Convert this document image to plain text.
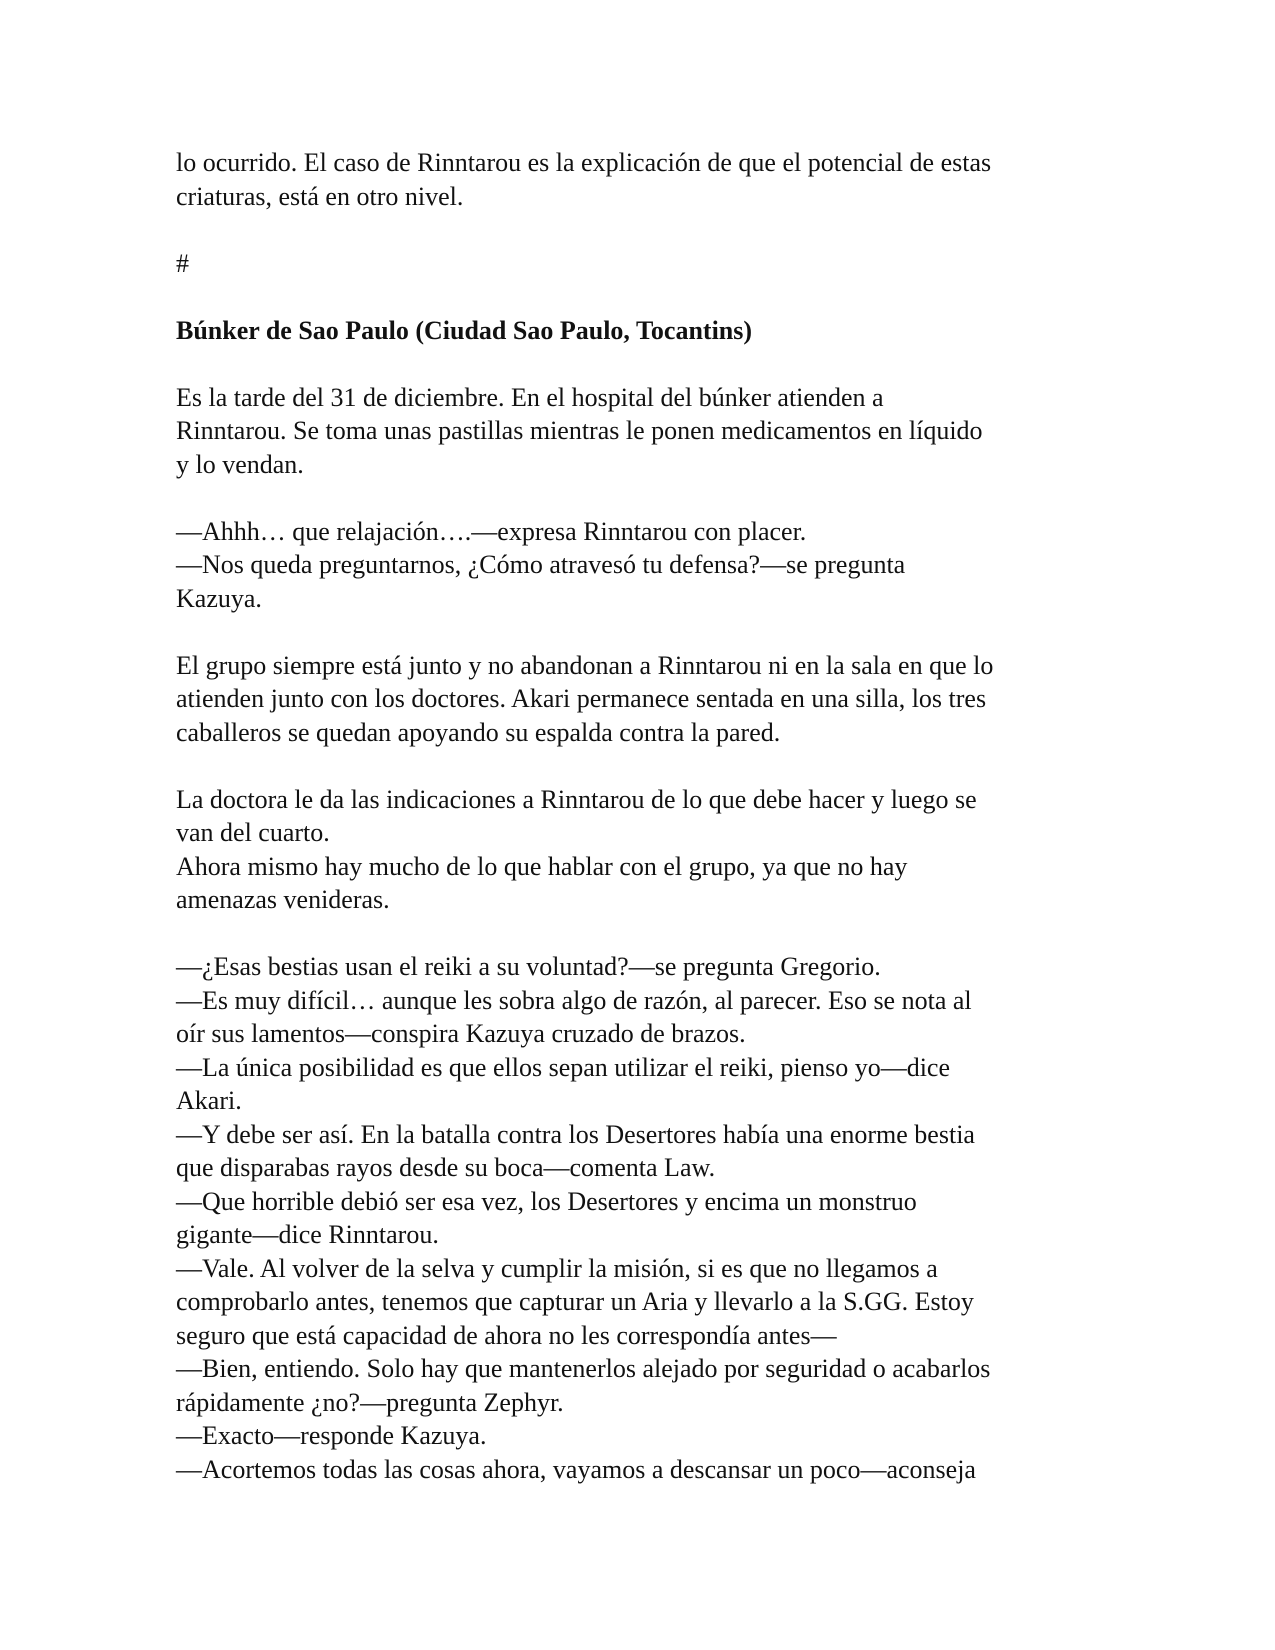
lo ocurrido. El caso de Rinntarou es la explicación de que el potencial de estas
criaturas, está en otro nivel.
#
Búnker de Sao Paulo (Ciudad Sao Paulo, Tocantins)
Es la tarde del 31 de diciembre. En el hospital del búnker atienden a
Rinntarou. Se toma unas pastillas mientras le ponen medicamentos en líquido
y lo vendan.
—Ahhh… que relajación….—expresa Rinntarou con placer.
—Nos queda preguntarnos, ¿Cómo atravesó tu defensa?—se pregunta
Kazuya.
El grupo siempre está junto y no abandonan a Rinntarou ni en la sala en que lo
atienden junto con los doctores. Akari permanece sentada en una silla, los tres
caballeros se quedan apoyando su espalda contra la pared.
La doctora le da las indicaciones a Rinntarou de lo que debe hacer y luego se
van del cuarto.
Ahora mismo hay mucho de lo que hablar con el grupo, ya que no hay
amenazas venideras.
—¿Esas bestias usan el reiki a su voluntad?—se pregunta Gregorio.
—Es muy difícil… aunque les sobra algo de razón, al parecer. Eso se nota al
oír sus lamentos—conspira Kazuya cruzado de brazos.
—La única posibilidad es que ellos sepan utilizar el reiki, pienso yo—dice
Akari.
—Y debe ser así. En la batalla contra los Desertores había una enorme bestia
que disparabas rayos desde su boca—comenta Law.
—Que horrible debió ser esa vez, los Desertores y encima un monstruo
gigante—dice Rinntarou.
—Vale. Al volver de la selva y cumplir la misión, si es que no llegamos a
comprobarlo antes, tenemos que capturar un Aria y llevarlo a la S.GG. Estoy
seguro que está capacidad de ahora no les correspondía antes—
—Bien, entiendo. Solo hay que mantenerlos alejado por seguridad o acabarlos
rápidamente ¿no?—pregunta Zephyr.
—Exacto—responde Kazuya.
—Acortemos todas las cosas ahora, vayamos a descansar un poco—aconseja
